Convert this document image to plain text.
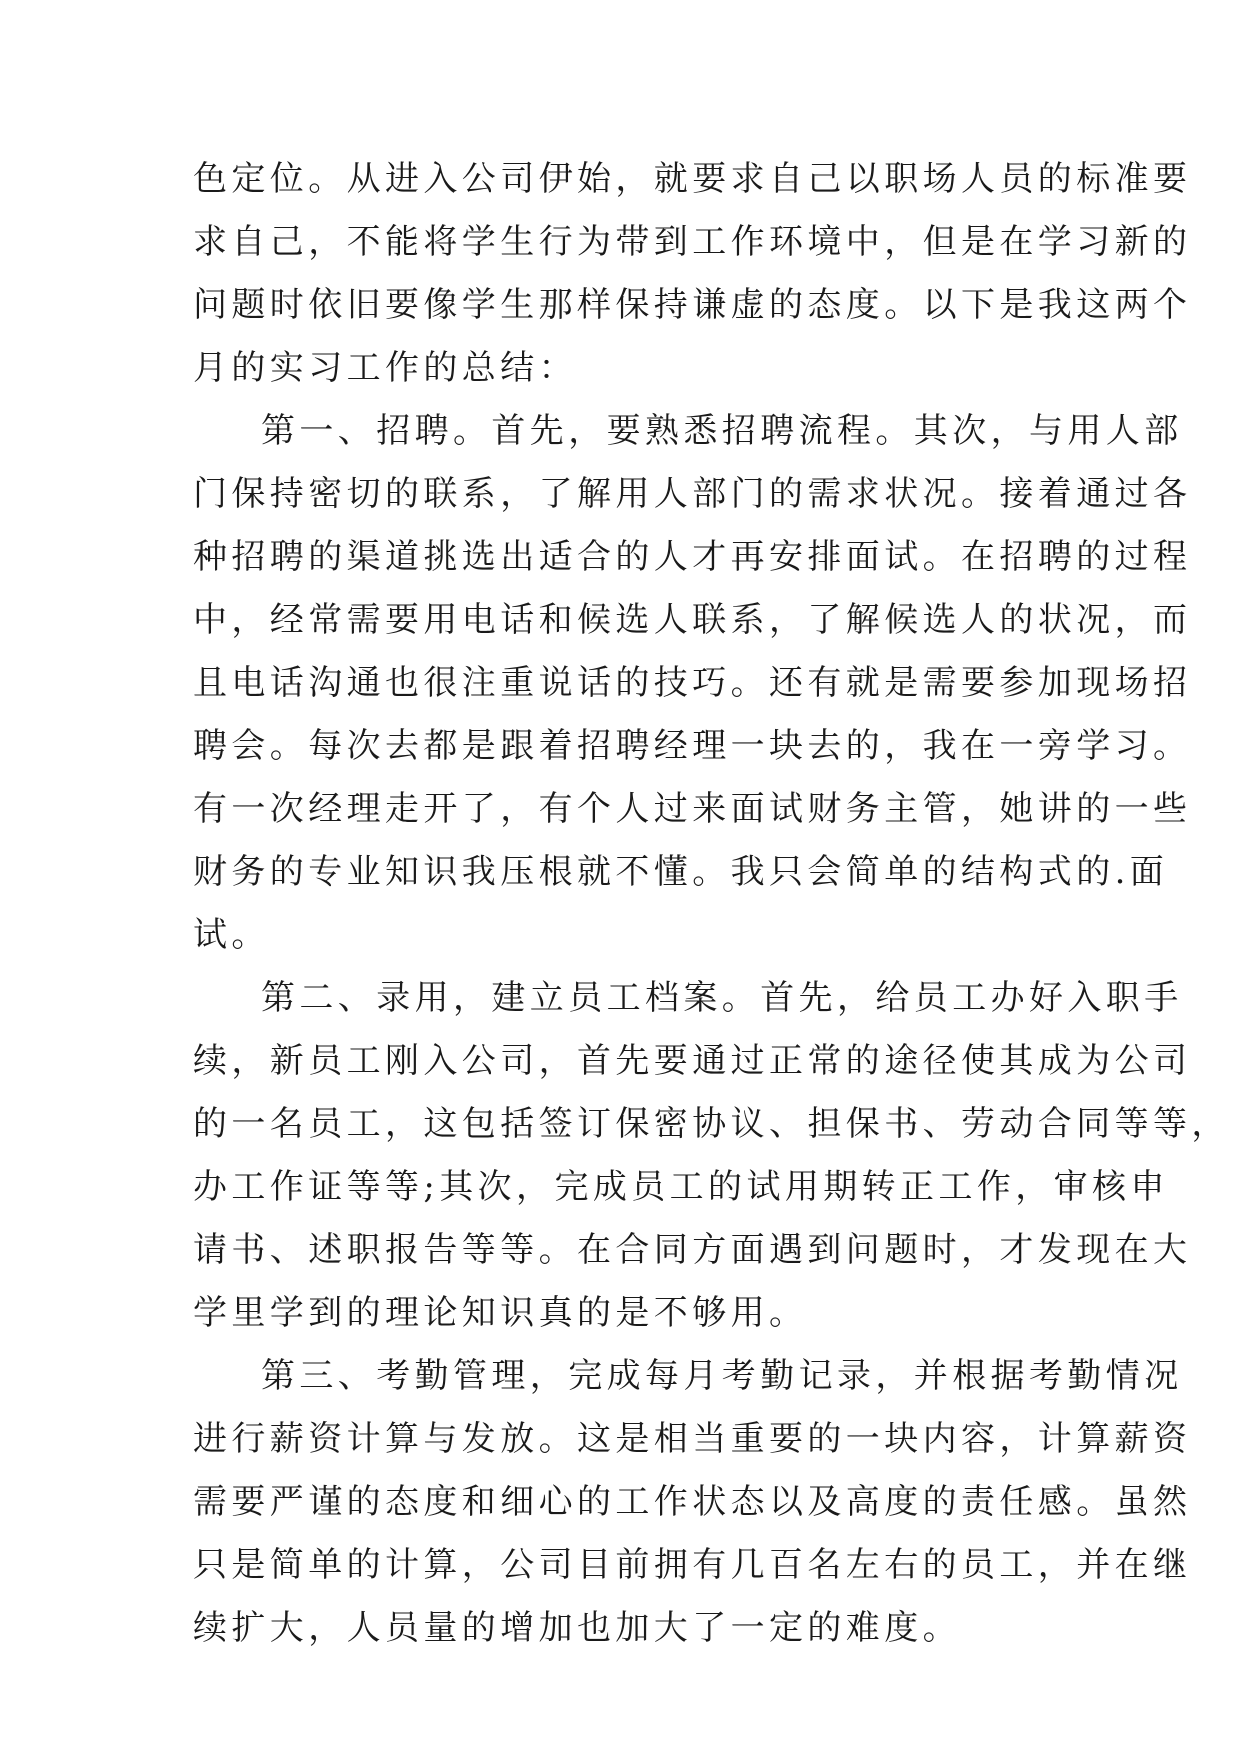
色定位。从进入公司伊始，就要求自己以职场人员的标准要
求自己，不能将学生行为带到工作环境中，但是在学习新的
问题时依旧要像学生那样保持谦虚的态度。以下是我这两个
月的实习工作的总结：
第一、招聘。首先，要熟悉招聘流程。其次，与用人部
门保持密切的联系，了解用人部门的需求状况。接着通过各
种招聘的渠道挑选出适合的人才再安排面试。在招聘的过程
中，经常需要用电话和候选人联系，了解候选人的状况，而
且电话沟通也很注重说话的技巧。还有就是需要参加现场招
聘会。每次去都是跟着招聘经理一块去的，我在一旁学习。
有一次经理走开了，有个人过来面试财务主管，她讲的一些
财务的专业知识我压根就不懂。我只会简单的结构式的.面
试。
第二、录用，建立员工档案。首先，给员工办好入职手
续，新员工刚入公司，首先要通过正常的途径使其成为公司
的一名员工，这包括签订保密协议、担保书、劳动合同等等，
办工作证等等;其次，完成员工的试用期转正工作，审核申
请书、述职报告等等。在合同方面遇到问题时，才发现在大
学里学到的理论知识真的是不够用。
第三、考勤管理，完成每月考勤记录，并根据考勤情况
进行薪资计算与发放。这是相当重要的一块内容，计算薪资
需要严谨的态度和细心的工作状态以及高度的责任感。虽然
只是简单的计算，公司目前拥有几百名左右的员工，并在继
续扩大，人员量的增加也加大了一定的难度。
